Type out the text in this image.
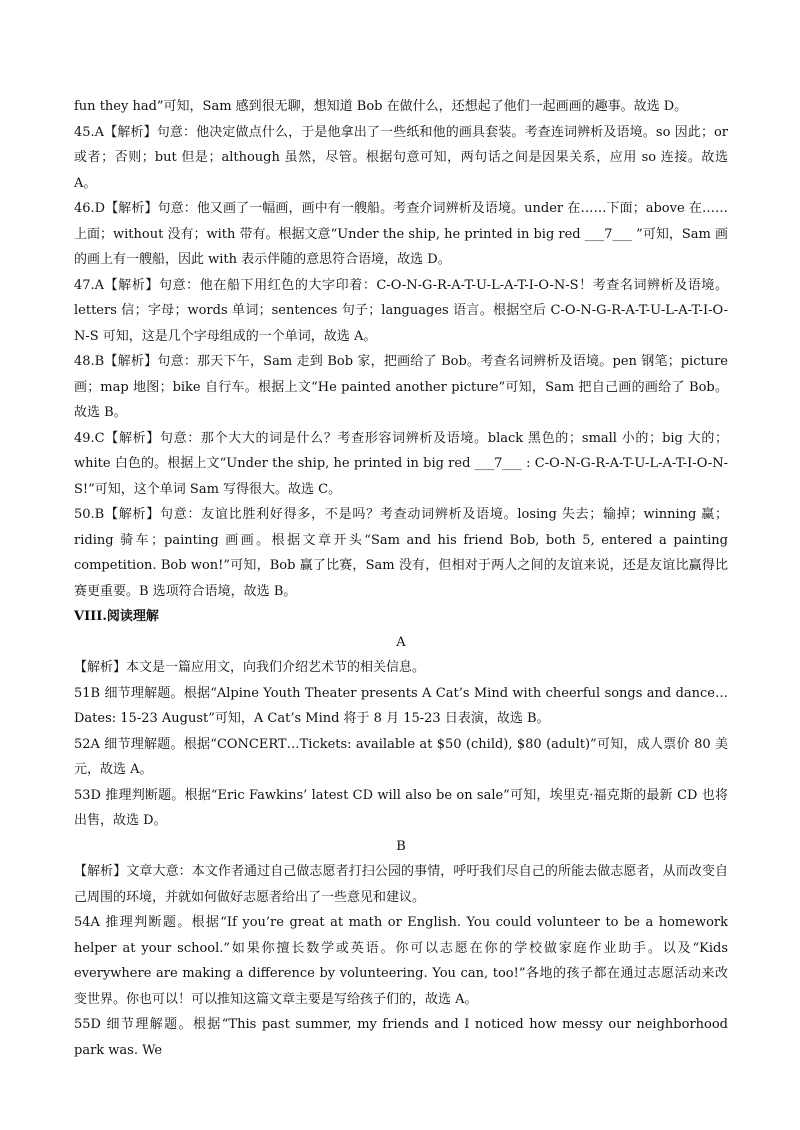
fun they had”可知，Sam 感到很无聊，想知道 Bob 在做什么，还想起了他们一起画画的趣事。故选 D。

45.A【解析】句意：他决定做点什么，于是他拿出了一些纸和他的画具套装。考查连词辨析及语境。so 因此；or 或者；否则；but 但是；although 虽然，尽管。根据句意可知，两句话之间是因果关系，应用 so 连接。故选 A。

46.D【解析】句意：他又画了一幅画，画中有一艘船。考查介词辨析及语境。under 在……下面；above 在……上面；without 没有；with 带有。根据文意“Under the ship, he printed in big red ___7___ ”可知，Sam 画的画上有一艘船，因此 with 表示伴随的意思符合语境，故选 D。

47.A【解析】句意：他在船下用红色的大字印着：C-O-N-G-R-A-T-U-L-A-T-I-O-N-S！考查名词辨析及语境。letters 信；字母；words 单词；sentences 句子；languages 语言。根据空后 C-O-N-G-R-A-T-U-L-A-T-I-O-N-S 可知，这是几个字母组成的一个单词，故选 A。

48.B【解析】句意：那天下午，Sam 走到 Bob 家，把画给了 Bob。考查名词辨析及语境。pen 钢笔；picture 画；map 地图；bike 自行车。根据上文“He painted another picture”可知，Sam 把自己画的画给了 Bob。故选 B。

49.C【解析】句意：那个大大的词是什么？考查形容词辨析及语境。black 黑色的；small 小的；big 大的；white 白色的。根据上文“Under the ship, he printed in big red ___7___ : C-O-N-G-R-A-T-U-L-A-T-I-O-N-S!”可知，这个单词 Sam 写得很大。故选 C。

50.B【解析】句意：友谊比胜利好得多，不是吗？考查动词辨析及语境。losing 失去；输掉；winning 赢；riding 骑车；painting 画画。根据文章开头“Sam and his friend Bob, both 5, entered a painting competition. Bob won!”可知，Bob 赢了比赛，Sam 没有，但相对于两人之间的友谊来说，还是友谊比赢得比赛更重要。B 选项符合语境，故选 B。

VIII.阅读理解

A

【解析】本文是一篇应用文，向我们介绍艺术节的相关信息。

51B 细节理解题。根据“Alpine Youth Theater presents A Cat’s Mind with cheerful songs and dance…Dates: 15-23 August”可知，A Cat’s Mind 将于 8 月 15-23 日表演，故选 B。

52A 细节理解题。根据“CONCERT…Tickets: available at $50 (child), $80 (adult)”可知，成人票价 80 美元，故选 A。

53D 推理判断题。根据“Eric Fawkins’ latest CD will also be on sale”可知，埃里克·福克斯的最新 CD 也将出售，故选 D。

B

【解析】文章大意：本文作者通过自己做志愿者打扫公园的事情，呼吁我们尽自己的所能去做志愿者，从而改变自己周围的环境，并就如何做好志愿者给出了一些意见和建议。

54A 推理判断题。根据“If you’re great at math or English. You could volunteer to be a homework helper at your school.”如果你擅长数学或英语。你可以志愿在你的学校做家庭作业助手。以及“Kids everywhere are making a difference by volunteering. You can, too!”各地的孩子都在通过志愿活动来改变世界。你也可以！可以推知这篇文章主要是写给孩子们的，故选 A。

55D 细节理解题。根据“This past summer, my friends and I noticed how messy our neighborhood park was. We
